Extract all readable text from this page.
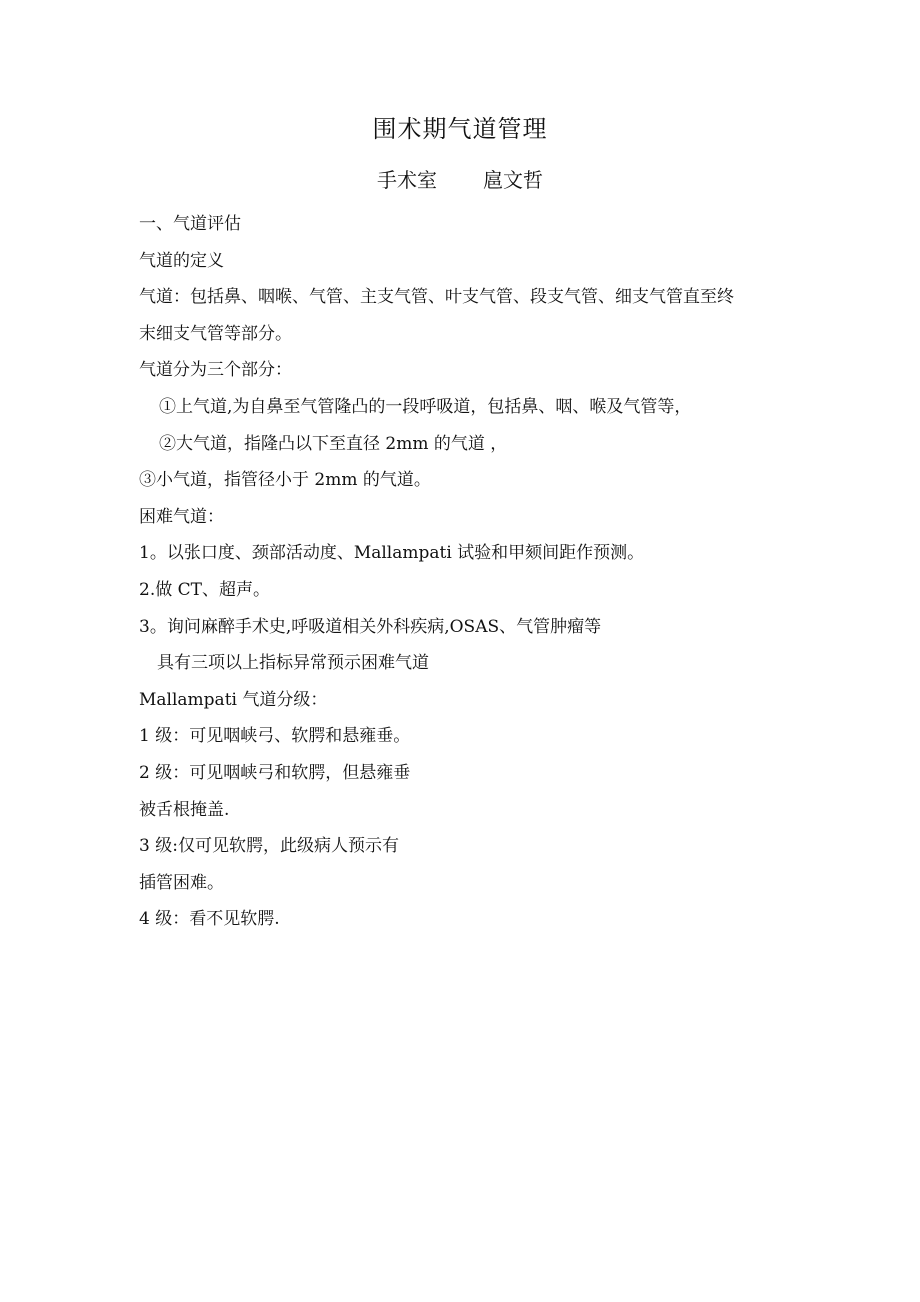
围术期气道管理
手术室 扈文哲
一、气道评估
气道的定义
气道：包括鼻、咽喉、气管、主支气管、叶支气管、段支气管、细支气管直至终
末细支气管等部分。
气道分为三个部分：
①上气道,为自鼻至气管隆凸的一段呼吸道，包括鼻、咽、喉及气管等，
②大气道，指隆凸以下至直径 2mm 的气道 ，
③小气道，指管径小于 2mm 的气道。
困难气道：
1。以张口度、颈部活动度、Mallampati 试验和甲颏间距作预测。
2.做 CT、超声。
3。询问麻醉手术史,呼吸道相关外科疾病,OSAS、气管肿瘤等
具有三项以上指标异常预示困难气道
Mallampati 气道分级：
1 级：可见咽峡弓、软腭和悬雍垂。
2 级：可见咽峡弓和软腭，但悬雍垂
被舌根掩盖.
3 级:仅可见软腭，此级病人预示有
插管困难。
4 级：看不见软腭.
